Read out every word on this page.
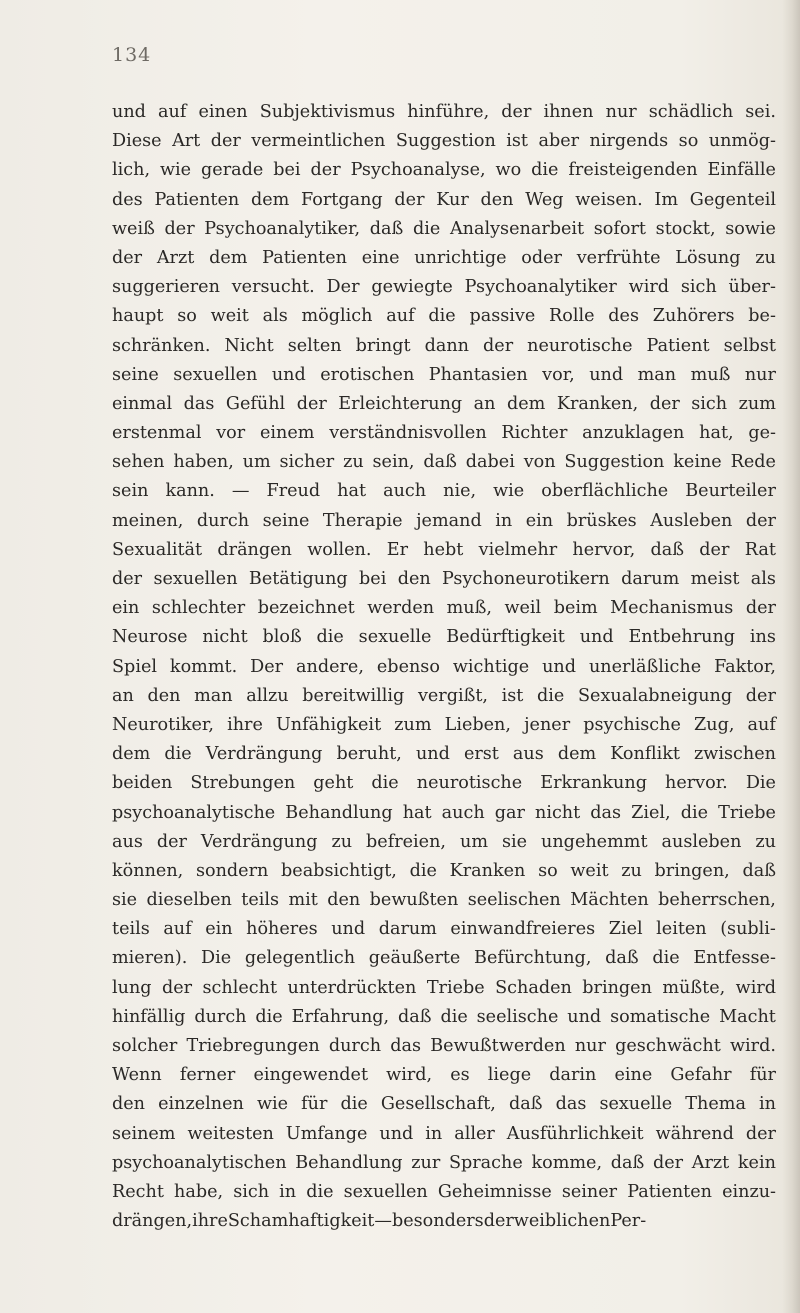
134

und auf einen Subjektivismus hinführe, der ihnen nur schädlich sei.
Diese Art der vermeintlichen Suggestion ist aber nirgends so unmög-
lich, wie gerade bei der Psychoanalyse, wo die freisteigenden Einfälle
des Patienten dem Fortgang der Kur den Weg weisen. Im Gegenteil
weiß der Psychoanalytiker, daß die Analysenarbeit sofort stockt, sowie
der Arzt dem Patienten eine unrichtige oder verfrühte Lösung zu
suggerieren versucht. Der gewiegte Psychoanalytiker wird sich über-
haupt so weit als möglich auf die passive Rolle des Zuhörers be-
schränken. Nicht selten bringt dann der neurotische Patient selbst
seine sexuellen und erotischen Phantasien vor, und man muß nur
einmal das Gefühl der Erleichterung an dem Kranken, der sich zum
erstenmal vor einem verständnisvollen Richter anzuklagen hat, ge-
sehen haben, um sicher zu sein, daß dabei von Suggestion keine Rede
sein kann. — Freud hat auch nie, wie oberflächliche Beurteiler
meinen, durch seine Therapie jemand in ein brüskes Ausleben der
Sexualität drängen wollen. Er hebt vielmehr hervor, daß der Rat
der sexuellen Betätigung bei den Psychoneurotikern darum meist als
ein schlechter bezeichnet werden muß, weil beim Mechanismus der
Neurose nicht bloß die sexuelle Bedürftigkeit und Entbehrung ins
Spiel kommt. Der andere, ebenso wichtige und unerläßliche Faktor,
an den man allzu bereitwillig vergißt, ist die Sexualabneigung der
Neurotiker, ihre Unfähigkeit zum Lieben, jener psychische Zug, auf
dem die Verdrängung beruht, und erst aus dem Konflikt zwischen
beiden Strebungen geht die neurotische Erkrankung hervor. Die
psychoanalytische Behandlung hat auch gar nicht das Ziel, die Triebe
aus der Verdrängung zu befreien, um sie ungehemmt ausleben zu
können, sondern beabsichtigt, die Kranken so weit zu bringen, daß
sie dieselben teils mit den bewußten seelischen Mächten beherrschen,
teils auf ein höheres und darum einwandfreieres Ziel leiten (subli-
mieren). Die gelegentlich geäußerte Befürchtung, daß die Entfesse-
lung der schlecht unterdrückten Triebe Schaden bringen müßte, wird
hinfällig durch die Erfahrung, daß die seelische und somatische Macht
solcher Triebregungen durch das Bewußtwerden nur geschwächt wird.
Wenn ferner eingewendet wird, es liege darin eine Gefahr für
den einzelnen wie für die Gesellschaft, daß das sexuelle Thema in
seinem weitesten Umfange und in aller Ausführlichkeit während der
psychoanalytischen Behandlung zur Sprache komme, daß der Arzt kein
Recht habe, sich in die sexuellen Geheimnisse seiner Patienten einzu-
drängen, ihre Schamhaftigkeit — besonders der weiblichen Per-
